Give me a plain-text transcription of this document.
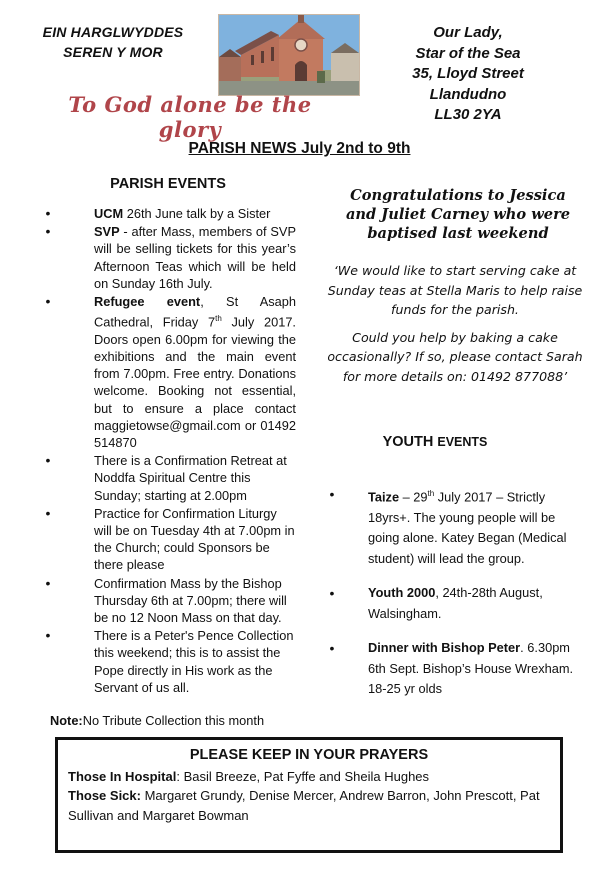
EIN HARGLWYDDES
SEREN Y MOR
To God alone be the glory
Our Lady,
Star of the Sea
35, Lloyd Street
Llandudno
LL30 2YA
PARISH NEWS July 2nd to 9th
PARISH EVENTS
•	UCM 26th June talk by a Sister
•	SVP - after Mass, members of SVP will be selling tickets for this year’s Afternoon Teas which will be held on Sunday 16th July.
•	Refugee event, St Asaph Cathedral, Friday 7th July 2017. Doors open 6.00pm for viewing the exhibitions and the main event from 7.00pm. Free entry. Donations welcome. Booking not essential, but to ensure a place contact maggietowse@gmail.com or 01492 514870
•	There is a Confirmation Retreat at Noddfa Spiritual Centre this Sunday; starting at 2.00pm
•	Practice for Confirmation Liturgy will be on Tuesday 4th at 7.00pm in the Church; could Sponsors be there please
•	Confirmation Mass by the Bishop Thursday 6th at 7.00pm; there will be no 12 Noon Mass on that day.
•	There is a Peter's Pence Collection this weekend; this is to assist the Pope directly in His work as the Servant of us all.
Note:No Tribute Collection this month
Congratulations to Jessica and Juliet Carney who were baptised last weekend

‘We would like to start serving cake at Sunday teas at Stella Maris to help raise funds for the parish.

Could you help by baking a cake occasionally? If so, please contact Sarah for more details on: 01492 877088’

YOUTH EVENTS
•	Taize – 29th July 2017 – Strictly 18yrs+. The young people will be going alone. Katey Began (Medical student) will lead the group.
•	Youth 2000, 24th-28th August, Walsingham.
•	Dinner with Bishop Peter. 6.30pm 6th Sept. Bishop’s House Wrexham. 18-25 yr olds
PLEASE KEEP IN YOUR PRAYERS
Those In Hospital: Basil Breeze, Pat Fyffe and Sheila Hughes
Those Sick: Margaret Grundy, Denise Mercer, Andrew Barron, John Prescott, Pat Sullivan and Margaret Bowman
